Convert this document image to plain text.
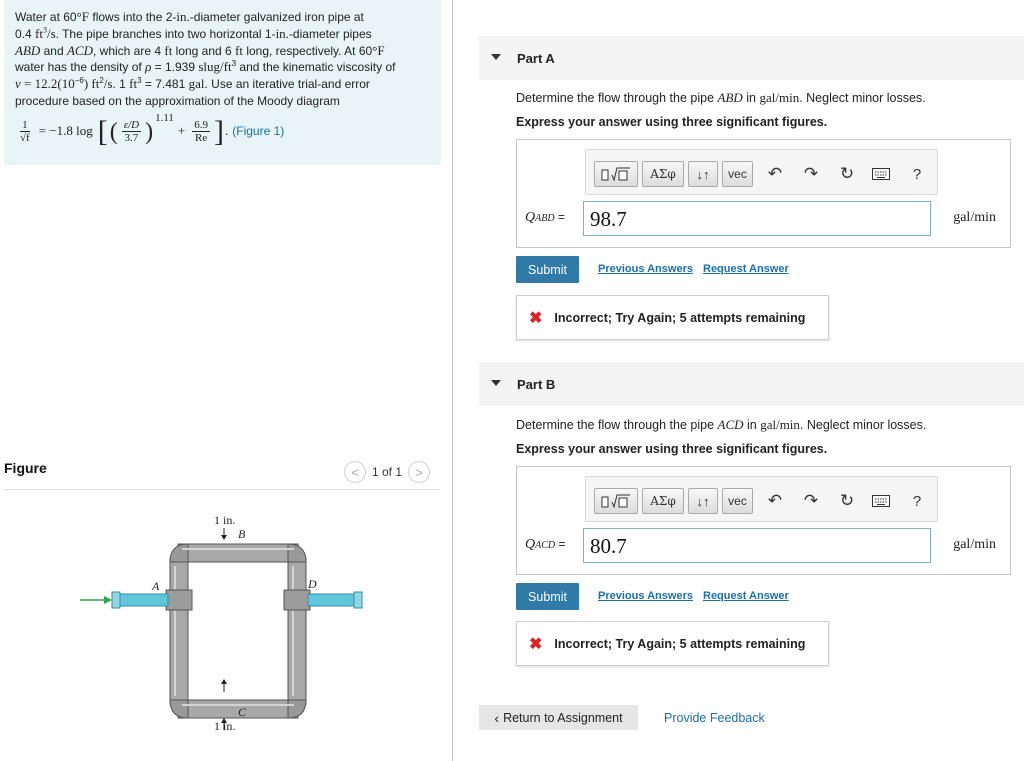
Water at 60°F flows into the 2-in.-diameter galvanized iron pipe at

0.4 $ft^3/s$. The pipe branches into two horizontal 1-in.-diameter pipes

ABD and ACD, which are 4 ft long and 6 ft long, respectively. At 60°F

water has the density of ρ = 1.939 slug/$ft^3$ and the kinematic viscosity of

$\nu = 12.2(10^{-6})$ $ft^2/s$. 1 $ft^3 = 7.481$ gal. Use an iterative trial-and error

procedure based on the approximation of the Moody diagram

$\frac{1}{√f} = -1.8$ log [ ( $\frac{\varepsilon/D}{3.7}$ )
1.11
+ $\frac{6.9}{Re}$ ] . (Figure 1)
Figure	<	1 of 1	>
1 in.
B
A	D
C
1 in.
Part A
Determine the flow through the pipe ABD in gal/min. Neglect minor losses.
Express your answer using three significant figures.
ΑΣφ	↓↑	vec	↶ ↷ ↻	?
QABD =	98.7	gal/min
Submit	Previous Answers Request Answer
✖ Incorrect; Try Again; 5 attempts remaining
Part B
Determine the flow through the pipe ACD in gal/min. Neglect minor losses.
Express your answer using three significant figures.
ΑΣφ	↓↑	vec	↶ ↷ ↻	?
QACD =	80.7	gal/min
Submit	Previous Answers Request Answer
✖ Incorrect; Try Again; 5 attempts remaining
‹ Return to Assignment	Provide Feedback
